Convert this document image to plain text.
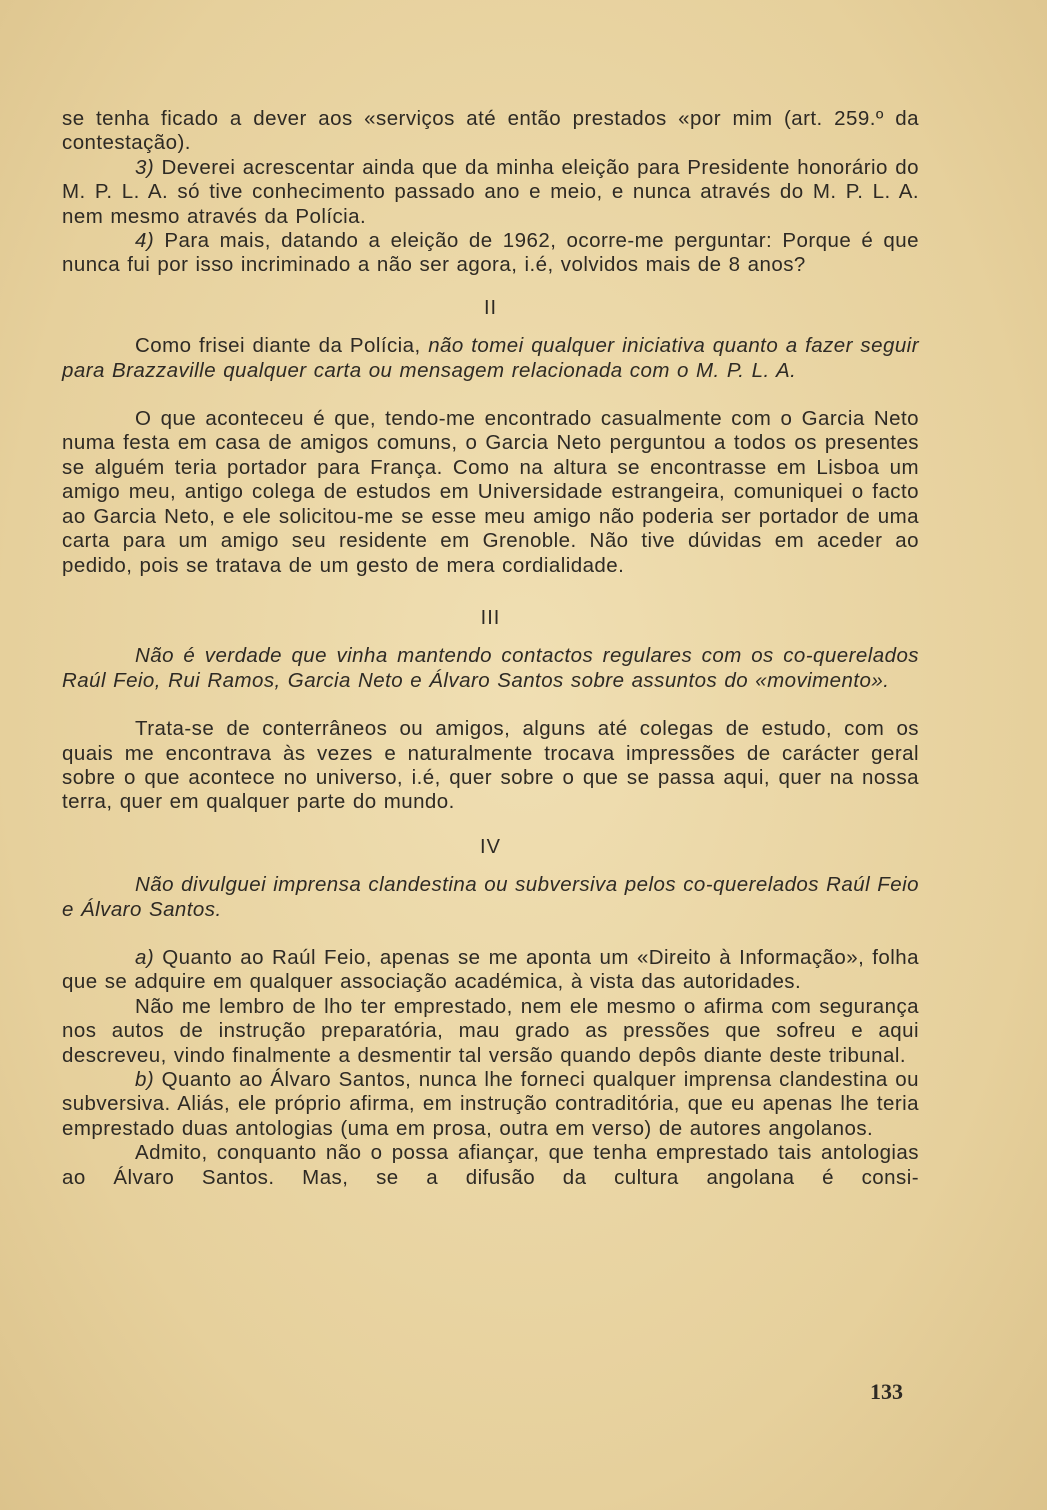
se tenha ficado a dever aos «serviços até então prestados «por mim (art. 259.º da contestação).

3) Deverei acrescentar ainda que da minha eleição para Presidente honorário do M. P. L. A. só tive conhecimento passado ano e meio, e nunca através do M. P. L. A. nem mesmo através da Polícia.

4) Para mais, datando a eleição de 1962, ocorre-me perguntar: Porque é que nunca fui por isso incriminado a não ser agora, i.é, volvidos mais de 8 anos?

II

Como frisei diante da Polícia, não tomei qualquer iniciativa quanto a fazer seguir para Brazzaville qualquer carta ou mensagem relacionada com o M. P. L. A.

O que aconteceu é que, tendo-me encontrado casualmente com o Garcia Neto numa festa em casa de amigos comuns, o Garcia Neto perguntou a todos os presentes se alguém teria portador para França. Como na altura se encontrasse em Lisboa um amigo meu, antigo colega de estudos em Universidade estrangeira, comuniquei o facto ao Garcia Neto, e ele solicitou-me se esse meu amigo não poderia ser portador de uma carta para um amigo seu residente em Grenoble. Não tive dúvidas em aceder ao pedido, pois se tratava de um gesto de mera cordialidade.

III

Não é verdade que vinha mantendo contactos regulares com os co-querelados Raúl Feio, Rui Ramos, Garcia Neto e Álvaro Santos sobre assuntos do «movimento».

Trata-se de conterrâneos ou amigos, alguns até colegas de estudo, com os quais me encontrava às vezes e naturalmente trocava impressões de carácter geral sobre o que acontece no universo, i.é, quer sobre o que se passa aqui, quer na nossa terra, quer em qualquer parte do mundo.

IV

Não divulguei imprensa clandestina ou subversiva pelos co-querelados Raúl Feio e Álvaro Santos.

a) Quanto ao Raúl Feio, apenas se me aponta um «Direito à Informação», folha que se adquire em qualquer associação académica, à vista das autoridades.

Não me lembro de lho ter emprestado, nem ele mesmo o afirma com segurança nos autos de instrução preparatória, mau grado as pressões que sofreu e aqui descreveu, vindo finalmente a desmentir tal versão quando depôs diante deste tribunal.

b) Quanto ao Álvaro Santos, nunca lhe forneci qualquer imprensa clandestina ou subversiva. Aliás, ele próprio afirma, em instrução contraditória, que eu apenas lhe teria emprestado duas antologias (uma em prosa, outra em verso) de autores angolanos.

Admito, conquanto não o possa afiançar, que tenha emprestado tais antologias ao Álvaro Santos. Mas, se a difusão da cultura angolana é consi-

133
